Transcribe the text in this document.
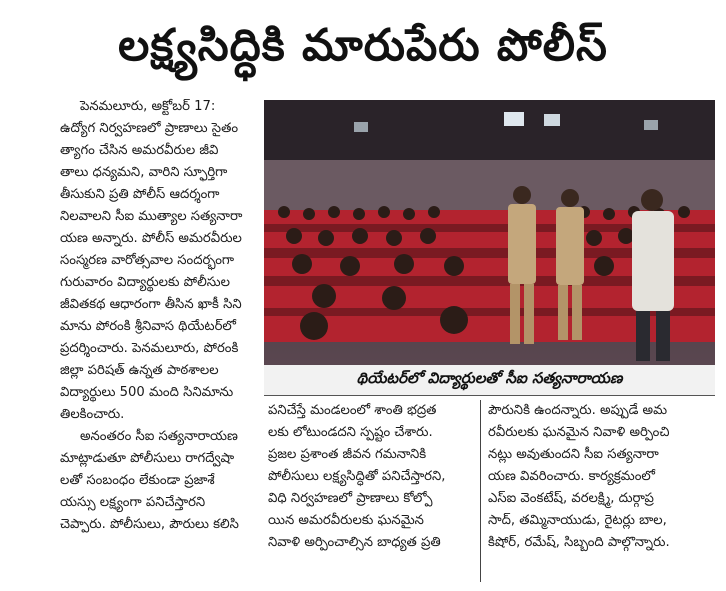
లక్ష్యసిద్ధికి మారుపేరు పోలీస్
పెనమలూరు, అక్టోబర్ 17:
ఉద్యోగ నిర్వహణలో ప్రాణాలు సైతం
త్యాగం చేసిన అమరవీరుల జీవి
తాలు ధన్యమని, వారిని స్ఫూర్తిగా
తీసుకుని ప్రతి పోలీస్ ఆదర్శంగా
నిలవాలని సీఐ ముత్యాల సత్యనారా
యణ అన్నారు. పోలీస్ అమరవీరుల
సంస్మరణ వారోత్సవాల సందర్భంగా
గురువారం విద్యార్థులకు పోలీసుల
జీవితకథ ఆధారంగా తీసిన ఖాకీ సిని
మాను పోరంకి శ్రీనివాస థియేటర్‌లో
ప్రదర్శించారు. పెనమలూరు, పోరంకి
జిల్లా పరిషత్ ఉన్నత పాఠశాలల
విద్యార్థులు 500 మంది సినిమాను
తిలకించారు.
అనంతరం సీఐ సత్యనారాయణ
మాట్లాడుతూ పోలీసులు రాగద్వేషా
లతో సంబంధం లేకుండా ప్రజాశే
యస్సు లక్ష్యంగా పనిచేస్తారని
చెప్పారు. పోలీసులు, పౌరులు కలిసి
థియేటర్‌లో విద్యార్థులతో సీఐ సత్యనారాయణ
పనిచేస్తే మండలంలో శాంతి భద్రత
లకు లోటుండదని స్పష్టం చేశారు.
ప్రజల ప్రశాంత జీవన గమనానికి
పోలీసులు లక్ష్యసిద్ధితో పనిచేస్తారని,
విధి నిర్వహణలో ప్రాణాలు కోల్పో
యిన అమరవీరులకు ఘనమైన
నివాళి అర్పించాల్సిన బాధ్యత ప్రతి
పౌరునికి ఉందన్నారు. అప్పుడే అమ
రవీరులకు ఘనమైన నివాళి అర్పించి
నట్లు అవుతుందని సీఐ సత్యనారా
యణ వివరించారు. కార్యక్రమంలో
ఎస్ఐ వెంకటేష్, వరలక్ష్మి, దుర్గాప్ర
సాద్, తమ్మినాయుడు, రైటర్లు బాల,
కిషోర్, రమేష్, సిబ్బంది పాల్గొన్నారు.
